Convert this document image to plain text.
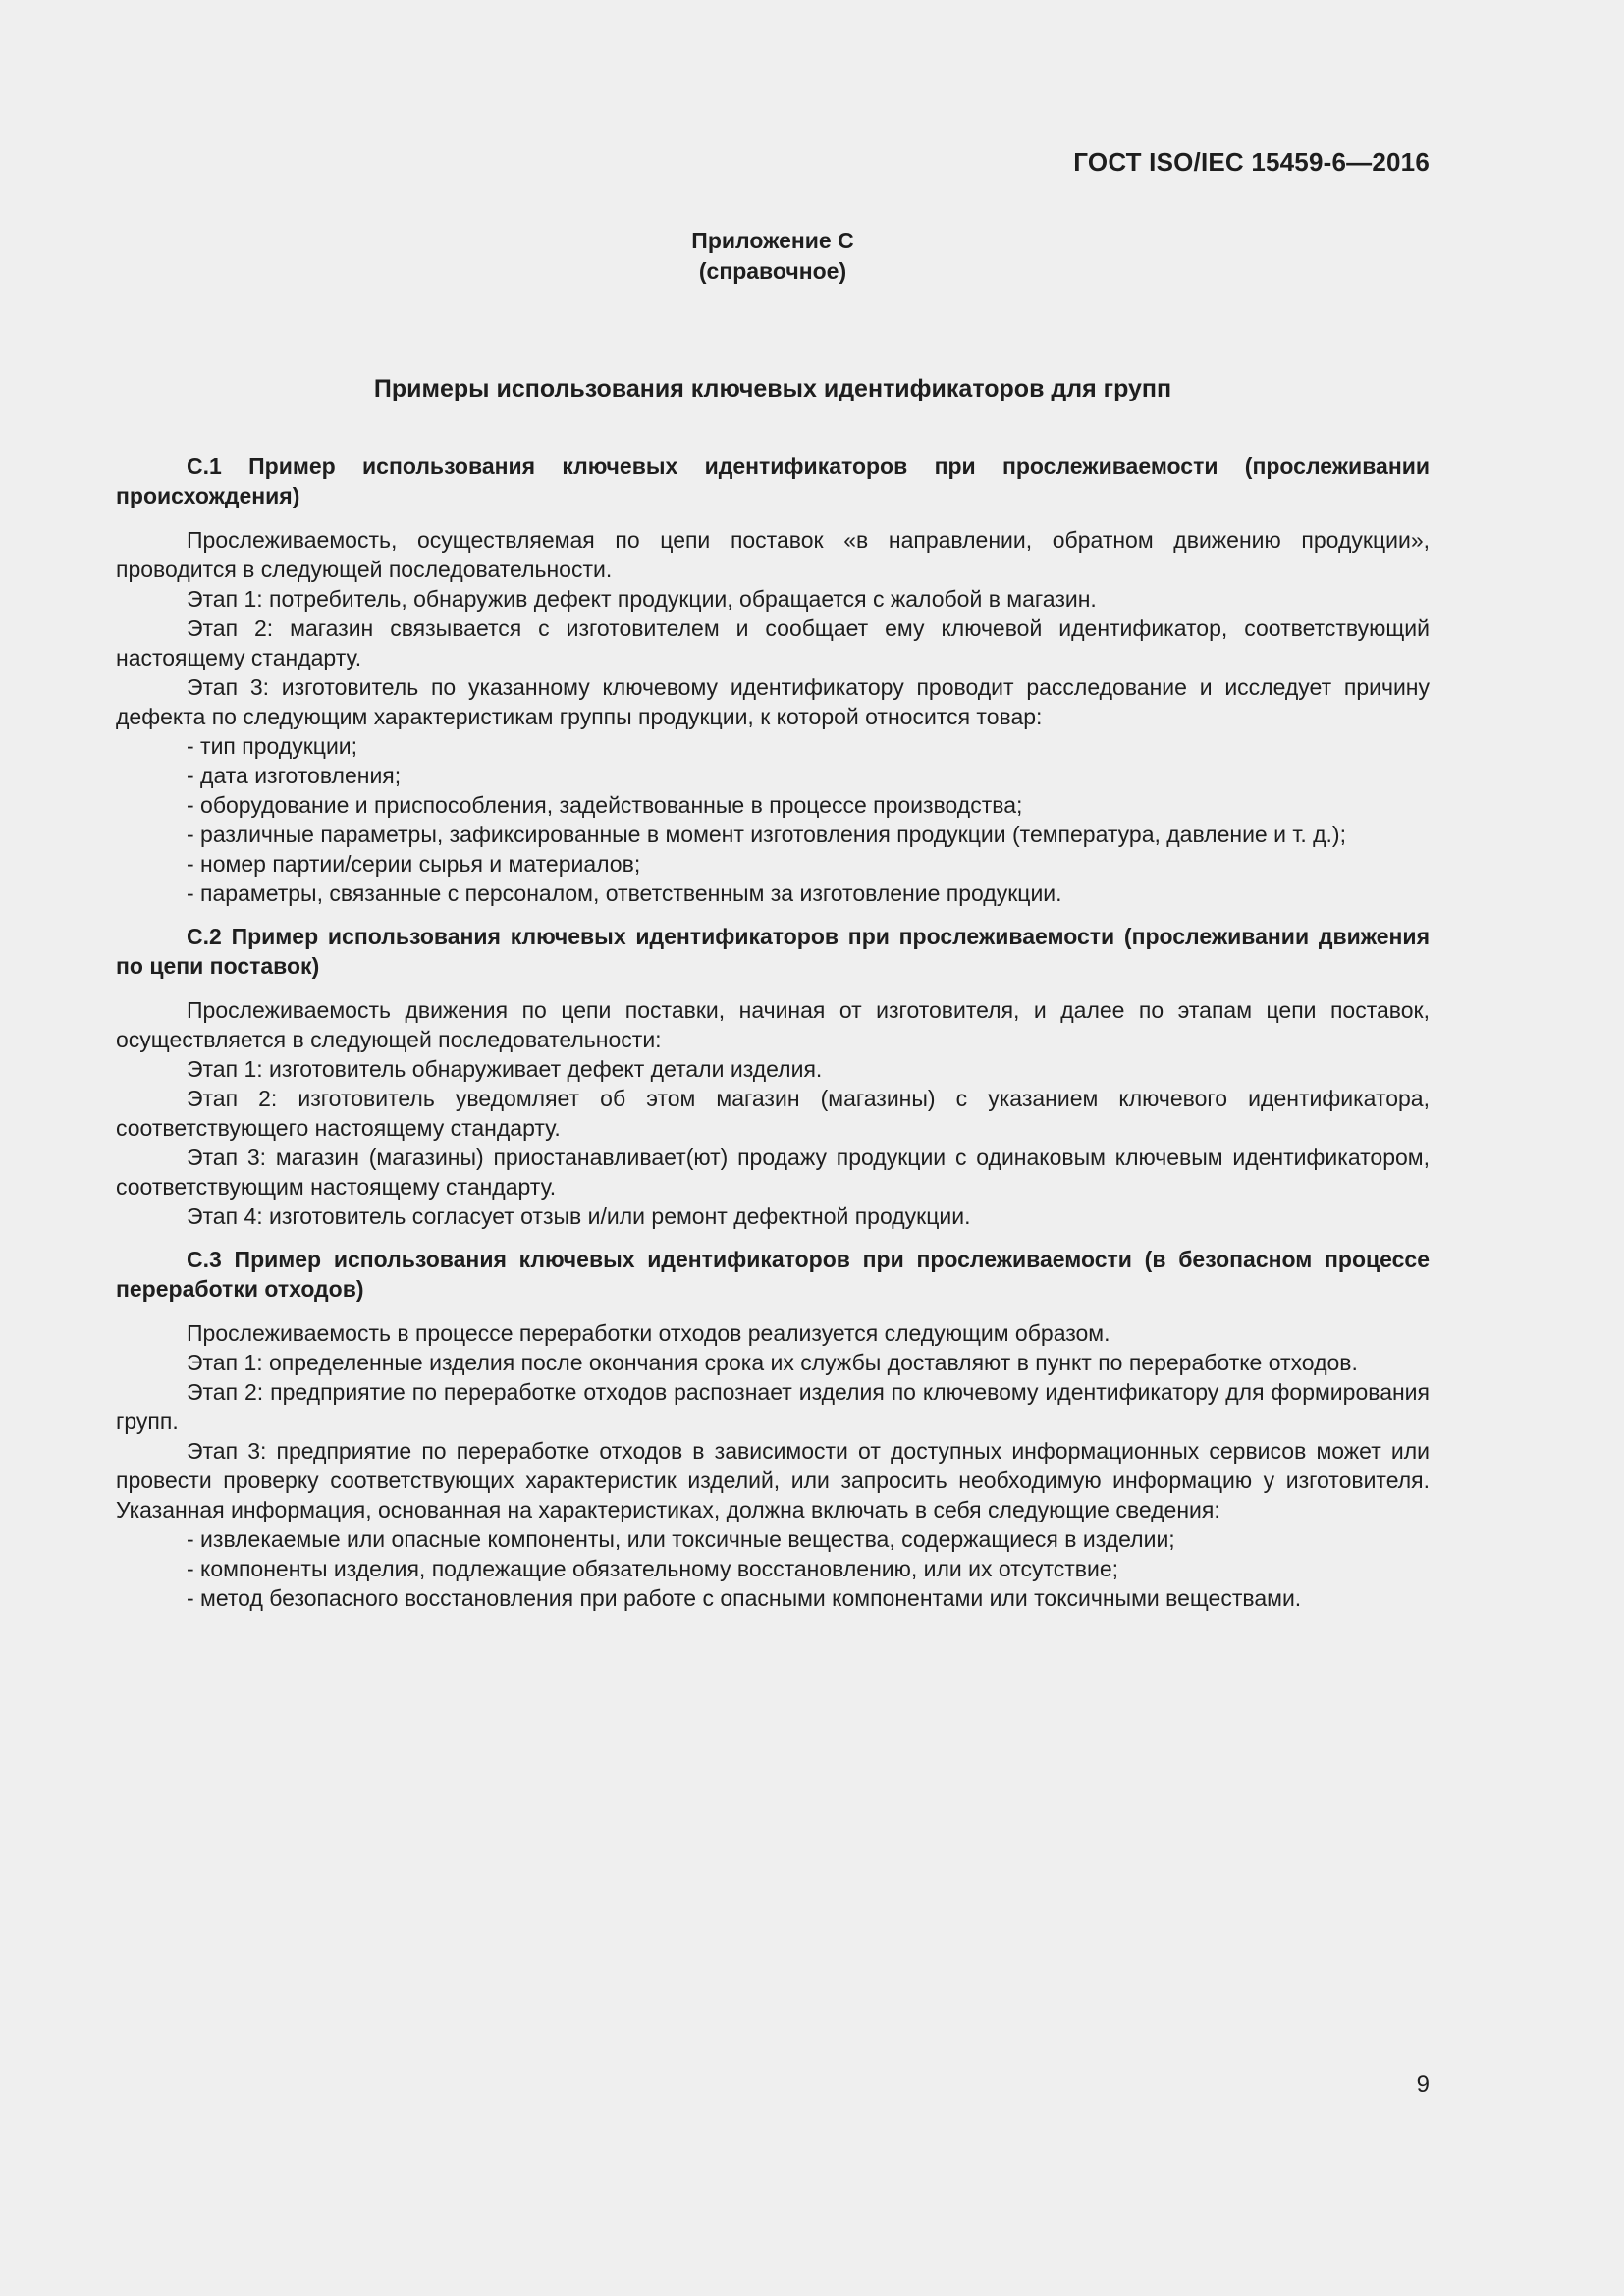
ГОСТ ISO/IEC 15459-6—2016
Приложение C
(справочное)
Примеры использования ключевых идентификаторов для групп

С.1 Пример использования ключевых идентификаторов при прослеживаемости (прослеживании происхождения)

Прослеживаемость, осуществляемая по цепи поставок «в направлении, обратном движению продукции», проводится в следующей последовательности.

Этап 1: потребитель, обнаружив дефект продукции, обращается с жалобой в магазин.

Этап 2: магазин связывается с изготовителем и сообщает ему ключевой идентификатор, соответствующий настоящему стандарту.

Этап 3: изготовитель по указанному ключевому идентификатору проводит расследование и исследует причину дефекта по следующим характеристикам группы продукции, к которой относится товар:

- тип продукции;

- дата изготовления;

- оборудование и приспособления, задействованные в процессе производства;

- различные параметры, зафиксированные в момент изготовления продукции (температура, давление и т. д.);

- номер партии/серии сырья и материалов;

- параметры, связанные с персоналом, ответственным за изготовление продукции.

С.2 Пример использования ключевых идентификаторов при прослеживаемости (прослеживании движения по цепи поставок)

Прослеживаемость движения по цепи поставки, начиная от изготовителя, и далее по этапам цепи поставок, осуществляется в следующей последовательности:

Этап 1: изготовитель обнаруживает дефект детали изделия.

Этап 2: изготовитель уведомляет об этом магазин (магазины) с указанием ключевого идентификатора, соответствующего настоящему стандарту.

Этап 3: магазин (магазины) приостанавливает(ют) продажу продукции с одинаковым ключевым идентификатором, соответствующим настоящему стандарту.

Этап 4: изготовитель согласует отзыв и/или ремонт дефектной продукции.

С.3 Пример использования ключевых идентификаторов при прослеживаемости (в безопасном процессе переработки отходов)

Прослеживаемость в процессе переработки отходов реализуется следующим образом.

Этап 1: определенные изделия после окончания срока их службы доставляют в пункт по переработке отходов.

Этап 2: предприятие по переработке отходов распознает изделия по ключевому идентификатору для формирования групп.

Этап 3: предприятие по переработке отходов в зависимости от доступных информационных сервисов может или провести проверку соответствующих характеристик изделий, или запросить необходимую информацию у изготовителя. Указанная информация, основанная на характеристиках, должна включать в себя следующие сведения:

- извлекаемые или опасные компоненты, или токсичные вещества, содержащиеся в изделии;

- компоненты изделия, подлежащие обязательному восстановлению, или их отсутствие;

- метод безопасного восстановления при работе с опасными компонентами или токсичными веществами.

9
